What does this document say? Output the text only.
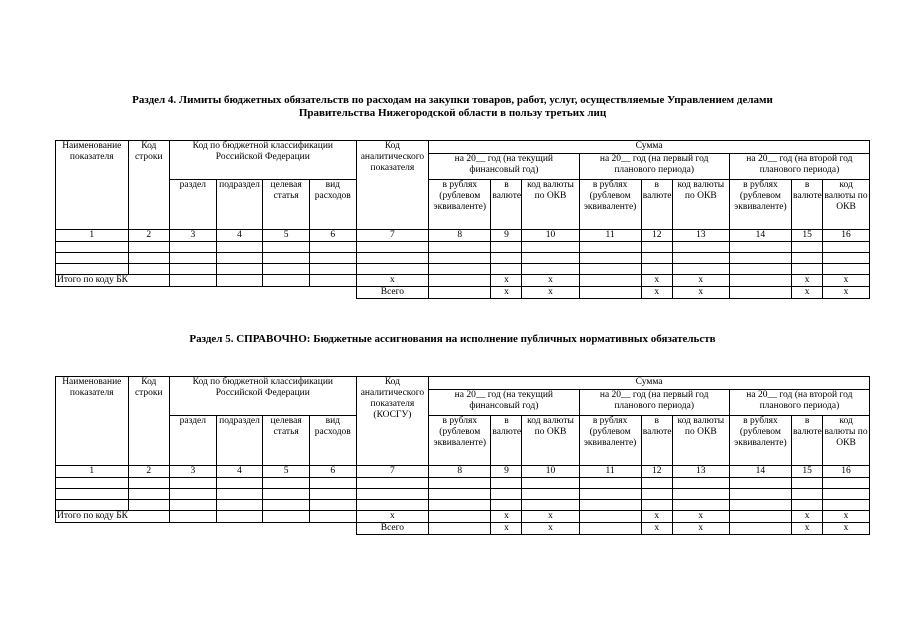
Раздел 4. Лимиты бюджетных обязательств по расходам на закупки товаров, работ, услуг, осуществляемые Управлением делами
Правительства Нижегородской области в пользу третьих лиц
Наименование показателя	Код строки	Код по бюджетной классификации Российской Федерации				Код аналитического показателя	Сумма								
							на 20__ год (на текущий финансовый год)			на 20__ год (на первый год планового периода)			на 20__ год (на второй год планового периода)		
		раздел	подраздел	целевая статья	вид расходов		в рублях (рублевом эквиваленте)	в валюте	код валюты по ОКВ	в рублях (рублевом эквиваленте)	в валюте	код валюты по ОКВ	в рублях (рублевом эквиваленте)	в валюте	код валюты по ОКВ
1	2	3	4	5	6	7	8	9	10	11	12	13	14	15	16

Итого по коду БК						x		x	x		x	x		x	x
						Всего		x	x		x	x		x	x
Раздел 5. СПРАВОЧНО: Бюджетные ассигнования на исполнение публичных нормативных обязательств
Наименование показателя	Код строки	Код по бюджетной классификации Российской Федерации				Код аналитического показателя (КОСГУ)	Сумма								
							на 20__ год (на текущий финансовый год)			на 20__ год (на первый год планового периода)			на 20__ год (на второй год планового периода)		
		раздел	подраздел	целевая статья	вид расходов		в рублях (рублевом эквиваленте)	в валюте	код валюты по ОКВ	в рублях (рублевом эквиваленте)	в валюте	код валюты по ОКВ	в рублях (рублевом эквиваленте)	в валюте	код валюты по ОКВ
1	2	3	4	5	6	7	8	9	10	11	12	13	14	15	16

Итого по коду БК						x		x	x		x	x		x	x
						Всего		x	x		x	x		x	x
